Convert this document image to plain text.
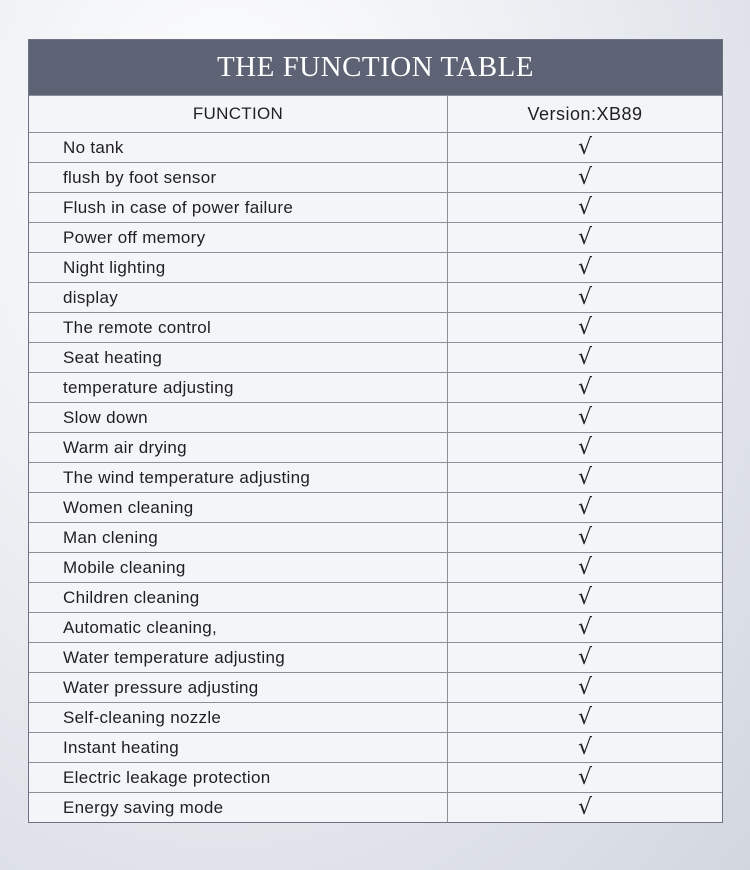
THE FUNCTION TABLE
FUNCTION	Version:XB89
No tank	√
flush by foot sensor	√
Flush in case of power failure	√
Power off memory	√
Night lighting	√
display	√
The remote control	√
Seat heating	√
temperature adjusting	√
Slow down	√
Warm air drying	√
The wind temperature adjusting	√
Women cleaning	√
Man clening	√
Mobile cleaning	√
Children cleaning	√
Automatic cleaning,	√
Water temperature adjusting	√
Water pressure adjusting	√
Self-cleaning nozzle	√
Instant heating	√
Electric leakage protection	√
Energy saving mode	√
